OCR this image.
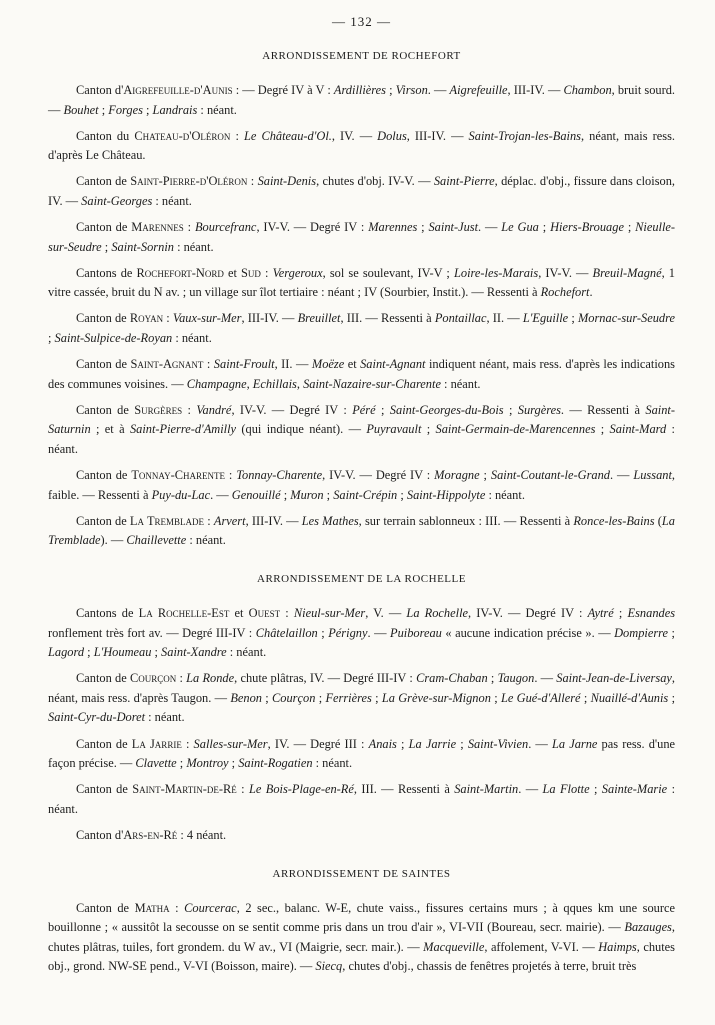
— 132 —
ARRONDISSEMENT DE ROCHEFORT

Canton d'Aigrefeuille-d'Aunis : — Degré IV à V : Ardillières ; Virson. — Aigrefeuille, III-IV. — Chambon, bruit sourd. — Bouhet ; Forges ; Landrais : néant.

Canton du Chateau-d'Oléron : Le Château-d'Ol., IV. — Dolus, III-IV. — Saint-Trojan-les-Bains, néant, mais ress. d'après Le Château.

Canton de Saint-Pierre-d'Oléron : Saint-Denis, chutes d'obj. IV-V. — Saint-Pierre, déplac. d'obj., fissure dans cloison, IV. — Saint-Georges : néant.

Canton de Marennes : Bourcefranc, IV-V. — Degré IV : Marennes ; Saint-Just. — Le Gua ; Hiers-Brouage ; Nieulle-sur-Seudre ; Saint-Sornin : néant.

Cantons de Rochefort-Nord et Sud : Vergeroux, sol se soulevant, IV-V ; Loire-les-Marais, IV-V. — Breuil-Magné, 1 vitre cassée, bruit du N av. ; un village sur îlot tertiaire : néant ; IV (Sourbier, Instit.). — Ressenti à Rochefort.

Canton de Royan : Vaux-sur-Mer, III-IV. — Breuillet, III. — Ressenti à Pontaillac, II. — L'Eguille ; Mornac-sur-Seudre ; Saint-Sulpice-de-Royan : néant.

Canton de Saint-Agnant : Saint-Froult, II. — Moëze et Saint-Agnant indiquent néant, mais ress. d'après les indications des communes voisines. — Champagne, Echillais, Saint-Nazaire-sur-Charente : néant.

Canton de Surgères : Vandré, IV-V. — Degré IV : Péré ; Saint-Georges-du-Bois ; Surgères. — Ressenti à Saint-Saturnin ; et à Saint-Pierre-d'Amilly (qui indique néant). — Puyravault ; Saint-Germain-de-Marencennes ; Saint-Mard : néant.

Canton de Tonnay-Charente : Tonnay-Charente, IV-V. — Degré IV : Moragne ; Saint-Coutant-le-Grand. — Lussant, faible. — Ressenti à Puy-du-Lac. — Genouillé ; Muron ; Saint-Crépin ; Saint-Hippolyte : néant.

Canton de La Tremblade : Arvert, III-IV. — Les Mathes, sur terrain sablonneux : III. — Ressenti à Ronce-les-Bains (La Tremblade). — Chaillevette : néant.

ARRONDISSEMENT DE LA ROCHELLE

Cantons de La Rochelle-Est et Ouest : Nieul-sur-Mer, V. — La Rochelle, IV-V. — Degré IV : Aytré ; Esnandes ronflement très fort av. — Degré III-IV : Châtelaillon ; Périgny. — Puiboreau « aucune indication précise ». — Dompierre ; Lagord ; L'Houmeau ; Saint-Xandre : néant.

Canton de Courçon : La Ronde, chute plâtras, IV. — Degré III-IV : Cram-Chaban ; Taugon. — Saint-Jean-de-Liversay, néant, mais ress. d'après Taugon. — Benon ; Courçon ; Ferrières ; La Grève-sur-Mignon ; Le Gué-d'Alleré ; Nuaillé-d'Aunis ; Saint-Cyr-du-Doret : néant.

Canton de La Jarrie : Salles-sur-Mer, IV. — Degré III : Anais ; La Jarrie ; Saint-Vivien. — La Jarne pas ress. d'une façon précise. — Clavette ; Montroy ; Saint-Rogatien : néant.

Canton de Saint-Martin-de-Ré : Le Bois-Plage-en-Ré, III. — Ressenti à Saint-Martin. — La Flotte ; Sainte-Marie : néant.

Canton d'Ars-en-Ré : 4 néant.

ARRONDISSEMENT DE SAINTES

Canton de Matha : Courcerac, 2 sec., balanc. W-E, chute vaiss., fissures certains murs ; à qques km une source bouillonne ; « aussitôt la secousse on se sentit comme pris dans un trou d'air », VI-VII (Boureau, secr. mairie). — Bazauges, chutes plâtras, tuiles, fort grondem. du W av., VI (Maigrie, secr. mair.). — Macqueville, affolement, V-VI. — Haimps, chutes obj., grond. NW-SE pend., V-VI (Boisson, maire). — Siecq, chutes d'obj., chassis de fenêtres projetés à terre, bruit très
